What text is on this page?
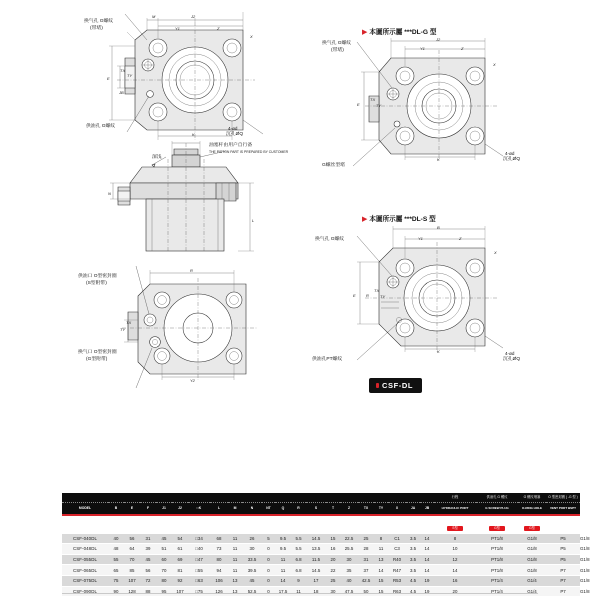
换气孔 G螺纹
(带堵)
供油孔 G螺纹	4-ød
沉孔ØQ
J2
Y1	Z
X
M
K
E
TX
TY
JB
油塞杆由用户自行备
THE PISTON PART IS PREPARED BY CUSTOMER
深浅
N
L
供油口 O型密封圈
(S型附带)
换气口 O型密封圈
(G型附带)
R
Y2
TY
TX
▶ 本圖所示屬 ***DL-G 型
换气孔 G螺纹
(带堵)
G螺丝型堵
4-ød
沉孔ØQ
J2
Y1	Z
X
K
E
TX
TY
▶ 本圖所示屬 ***DL-S 型
换气孔 G螺纹
供油孔PT螺纹
4-ød
沉孔ØQ
B
Y1	Z
X
K
E	R
TX
TY
CSF-DL
																					行程	供油孔 G 螺纹	G 螺纹堵塞	O 型密封圈 ( -G 型 )	
MODEL	B	E	F	J1	J2	□K	L	M	N	NT	Q	R	S	T	Z	TX	TY	X	JA	JB	HYDRAULIC PORT	G SCREW PLUG	O-RING HOLE	VENT PORT BSPT	

																					S型	G型	G型		
CSF-040DL	40	56	31	45	54	□34	68	11	26	5	9.5	5.5	14.5	15	22.5	25	8	C1	3.5	14	8	PT1/8	G1/8	P5	G1/8
CSF-048DL	48	64	39	51	61	□40	73	11	30	0	9.5	5.5	13.5	16	25.5	28	11	C3	3.5	14	10	PT1/8	G1/8	P5	G1/8
CSF-055DL	55	70	45	60	69	□47	80	11	33.5	0	11	6.8	11.5	20	30	31	13	R40	3.5	14	12	PT1/8	G1/8	P5	G1/8
CSF-065DL	65	85	56	70	81	□55	94	11	39.5	0	11	6.8	14.5	22	35	37	14	R47	3.5	14	14	PT1/8	G1/8	P7	G1/8
CSF-075DL	75	107	72	80	92	□63	106	13	45	0	14	9	17	25	40	42.5	15	R53	4.5	19	16	PT1/4	G1/4	P7	G1/8
CSF-090DL	90	128	88	95	107	□75	126	13	52.5	0	17.5	11	18	30	47.5	50	15	R63	4.5	19	20	PT1/4	G1/4	P7	G1/8
